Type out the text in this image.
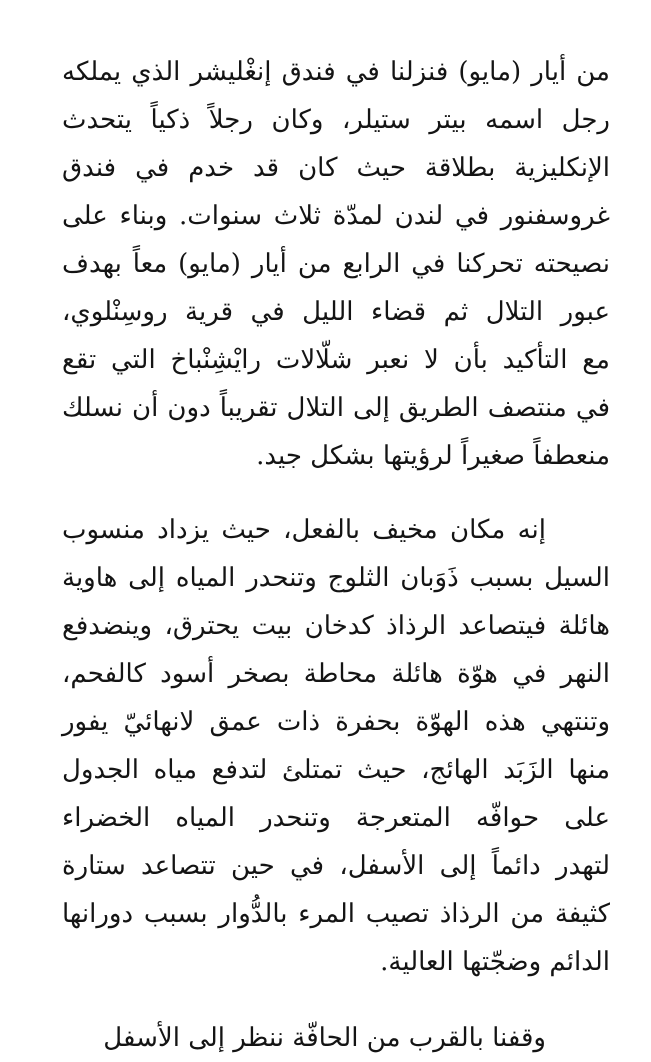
من أيار (مايو) فنزلنا في فندق إنغْليشر الذي يملكه
رجل اسمه بيتر ستيلر، وكان رجلاً ذكياً يتحدث
الإنكليزية بطلاقة حيث كان قد خدم في فندق
غروسفنور في لندن لمدّة ثلاث سنوات. وبناء على
نصيحته تحركنا في الرابع من أيار (مايو) معاً بهدف
عبور التلال ثم قضاء الليل في قرية روسِنْلوي،
مع التأكيد بأن لا نعبر شلّالات رايْشِنْباخ التي تقع
في منتصف الطريق إلى التلال تقريباً دون أن نسلك
منعطفاً صغيراً لرؤيتها بشكل جيد.

إنه مكان مخيف بالفعل، حيث يزداد منسوب
السيل بسبب ذَوَبان الثلوج وتنحدر المياه إلى هاوية
هائلة فيتصاعد الرذاذ كدخان بيت يحترق، وينضدفع
النهر في هوّة هائلة محاطة بصخر أسود كالفحم،
وتنتهي هذه الهوّة بحفرة ذات عمق لانهائيّ يفور
منها الزَبَد الهائج، حيث تمتلئ لتدفع مياه الجدول
على حوافّه المتعرجة وتنحدر المياه الخضراء
لتهدر دائماً إلى الأسفل، في حين تتصاعد ستارة
كثيفة من الرذاذ تصيب المرء بالدُّوار بسبب دورانها
الدائم وضجّتها العالية.

وقفنا بالقرب من الحافّة ننظر إلى الأسفل
